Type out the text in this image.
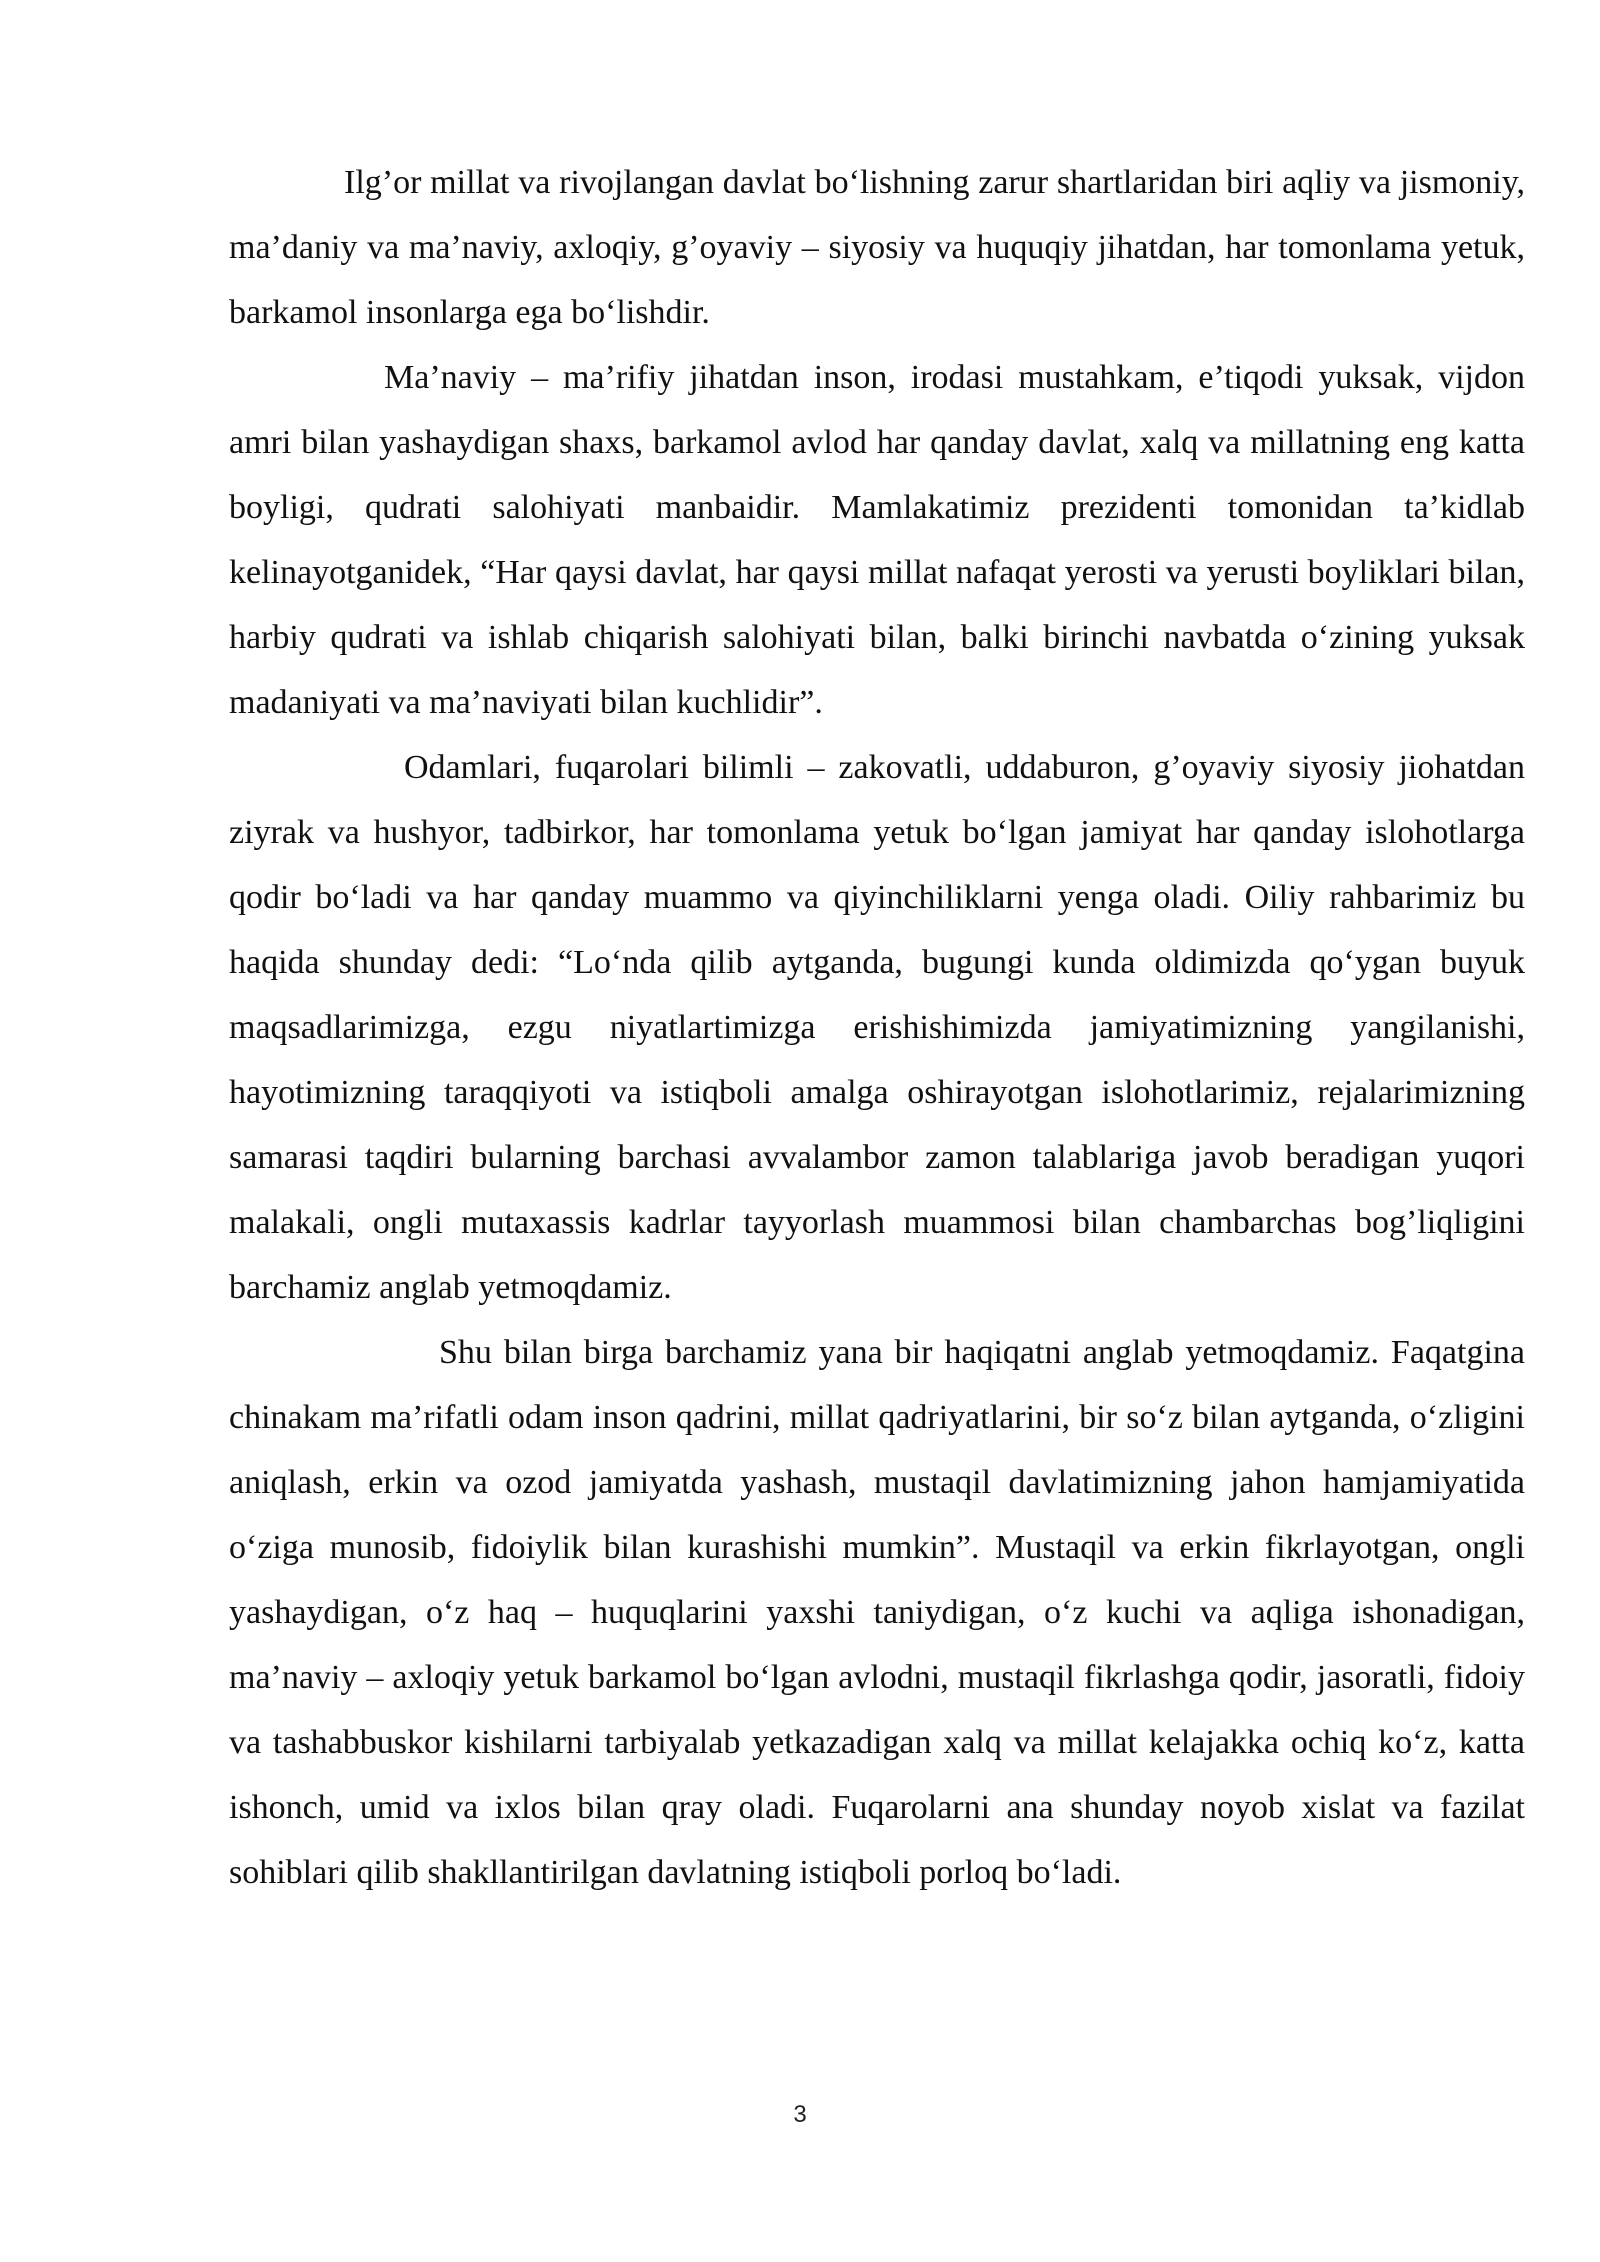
Ilg’or millat va rivojlangan davlat bo‘lishning zarur shartlaridan biri aqliy va jismoniy, ma’daniy va ma’naviy, axloqiy, g’oyaviy – siyosiy va huquqiy jihatdan, har tomonlama yetuk, barkamol insonlarga ega bo‘lishdir.

Ma’naviy – ma’rifiy jihatdan inson, irodasi mustahkam, e’tiqodi yuksak, vijdon amri bilan yashaydigan shaxs, barkamol avlod har qanday davlat, xalq va millatning eng katta boyligi, qudrati salohiyati manbaidir. Mamlakatimiz prezidenti tomonidan ta’kidlab kelinayotganidek, “Har qaysi davlat, har qaysi millat nafaqat yerosti va yerusti boyliklari bilan, harbiy qudrati va ishlab chiqarish salohiyati bilan, balki birinchi navbatda o‘zining yuksak madaniyati va ma’naviyati bilan kuchlidir”.

Odamlari, fuqarolari bilimli – zakovatli, uddaburon, g’oyaviy siyosiy jiohatdan ziyrak va hushyor, tadbirkor, har tomonlama yetuk bo‘lgan jamiyat har qanday islohotlarga qodir bo‘ladi va har qanday muammo va qiyinchiliklarni yenga oladi. Oiliy rahbarimiz bu haqida shunday dedi: “Lo‘nda qilib aytganda, bugungi kunda oldimizda qo‘ygan buyuk maqsadlarimizga, ezgu niyatlartimizga erishishimizda jamiyatimizning yangilanishi, hayotimizning taraqqiyoti va istiqboli amalga oshirayotgan islohotlarimiz, rejalarimizning samarasi taqdiri bularning barchasi avvalambor zamon talablariga javob beradigan yuqori malakali, ongli mutaxassis kadrlar tayyorlash muammosi bilan chambarchas bog’liqligini barchamiz anglab yetmoqdamiz.

Shu bilan birga barchamiz yana bir haqiqatni anglab yetmoqdamiz. Faqatgina chinakam ma’rifatli odam inson qadrini, millat qadriyatlarini, bir so‘z bilan aytganda, o‘zligini aniqlash, erkin va ozod jamiyatda yashash, mustaqil davlatimizning jahon hamjamiyatida o‘ziga munosib, fidoiylik bilan kurashishi mumkin”. Mustaqil va erkin fikrlayotgan, ongli yashaydigan, o‘z haq – huquqlarini yaxshi taniydigan, o‘z kuchi va aqliga ishonadigan, ma’naviy – axloqiy yetuk barkamol bo‘lgan avlodni, mustaqil fikrlashga qodir, jasoratli, fidoiy va tashabbuskor kishilarni tarbiyalab yetkazadigan xalq va millat kelajakka ochiq ko‘z, katta ishonch, umid va ixlos bilan qray oladi. Fuqarolarni ana shunday noyob xislat va fazilat sohiblari qilib shakllantirilgan davlatning istiqboli porloq bo‘ladi.

3
